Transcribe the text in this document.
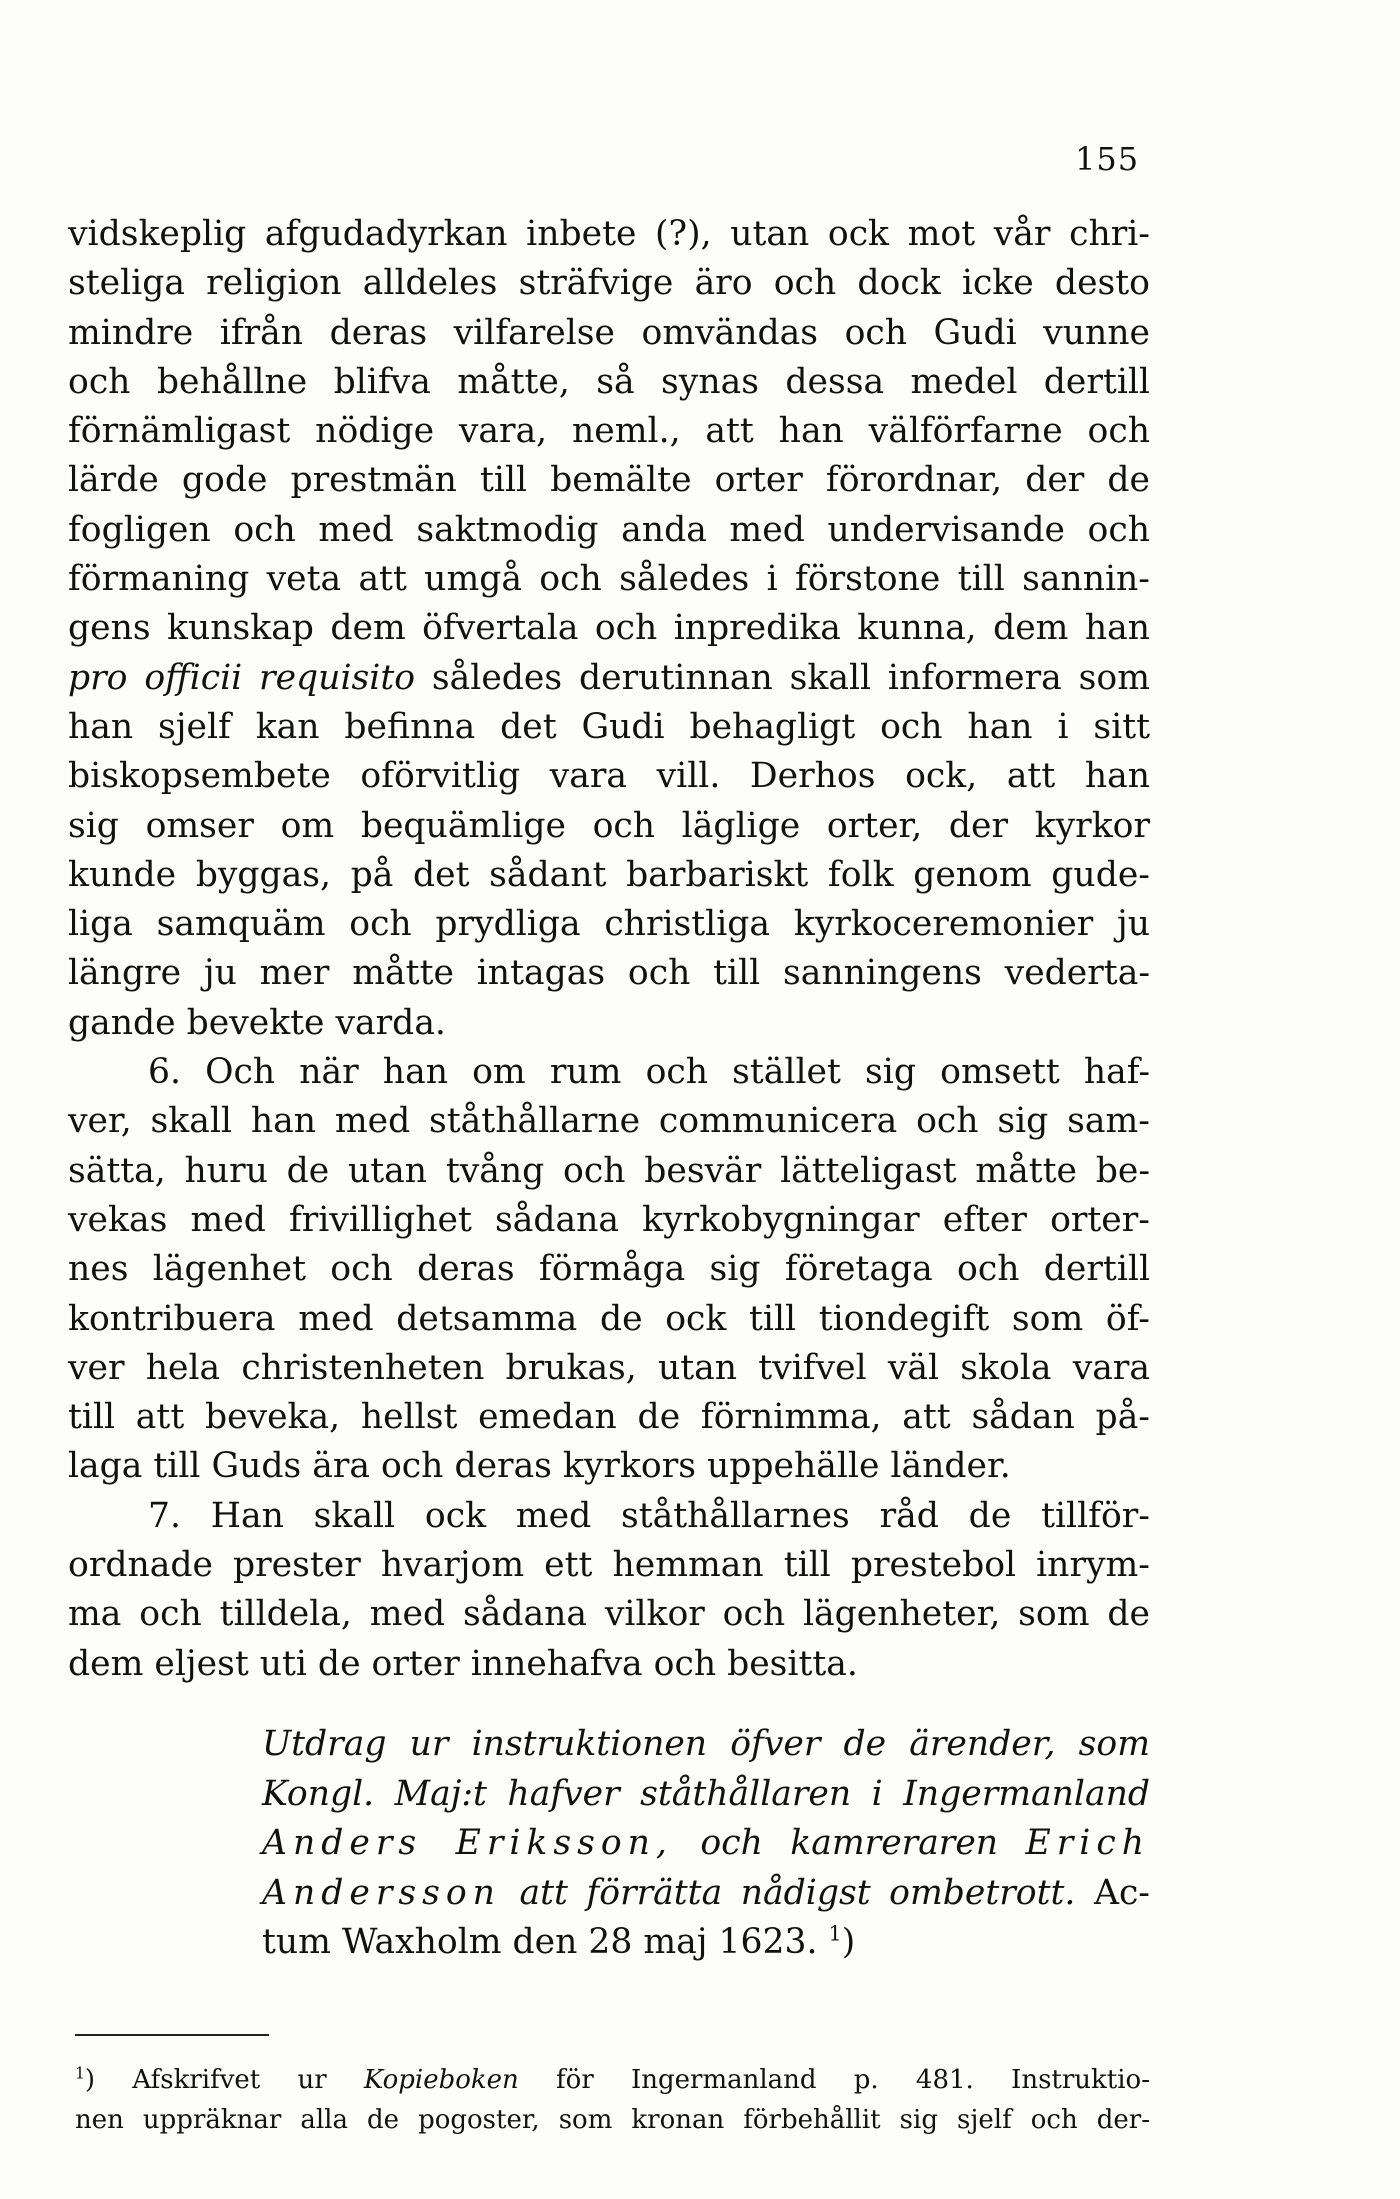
155
vidskeplig afgudadyrkan inbete (?), utan ock mot vår chri-
steliga religion alldeles sträfvige äro och dock icke desto
mindre ifrån deras vilfarelse omvändas och Gudi vunne
och behållne blifva måtte, så synas dessa medel dertill
förnämligast nödige vara, neml., att han välförfarne och
lärde gode prestmän till bemälte orter förordnar, der de
fogligen och med saktmodig anda med undervisande och
förmaning veta att umgå och således i förstone till sannin-
gens kunskap dem öfvertala och inpredika kunna, dem han
pro officii requisito således derutinnan skall informera som
han sjelf kan befinna det Gudi behagligt och han i sitt
biskopsembete oförvitlig vara vill. Derhos ock, att han
sig omser om bequämlige och läglige orter, der kyrkor
kunde byggas, på det sådant barbariskt folk genom gude-
liga samquäm och prydliga christliga kyrkoceremonier ju
längre ju mer måtte intagas och till sanningens vederta-
gande bevekte varda.
6. Och när han om rum och stället sig omsett haf-
ver, skall han med ståthållarne communicera och sig sam-
sätta, huru de utan tvång och besvär lätteligast måtte be-
vekas med frivillighet sådana kyrkobygningar efter orter-
nes lägenhet och deras förmåga sig företaga och dertill
kontribuera med detsamma de ock till tiondegift som öf-
ver hela christenheten brukas, utan tvifvel väl skola vara
till att beveka, hellst emedan de förnimma, att sådan på-
laga till Guds ära och deras kyrkors uppehälle länder.
7. Han skall ock med ståthållarnes råd de tillför-
ordnade prester hvarjom ett hemman till prestebol inrym-
ma och tilldela, med sådana vilkor och lägenheter, som de
dem eljest uti de orter innehafva och besitta.
Utdrag ur instruktionen öfver de ärender, som
Kongl. Maj:t hafver ståthållaren i Ingermanland
Anders Eriksson, och kamreraren Erich
Andersson att förrätta nådigst ombetrott. Ac-
tum Waxholm den 28 maj 1623. $^1$)
$^1$) Afskrifvet ur Kopieboken för Ingermanland p. 481. Instruktio-
nen uppräknar alla de pogoster, som kronan förbehållit sig sjelf och der-
